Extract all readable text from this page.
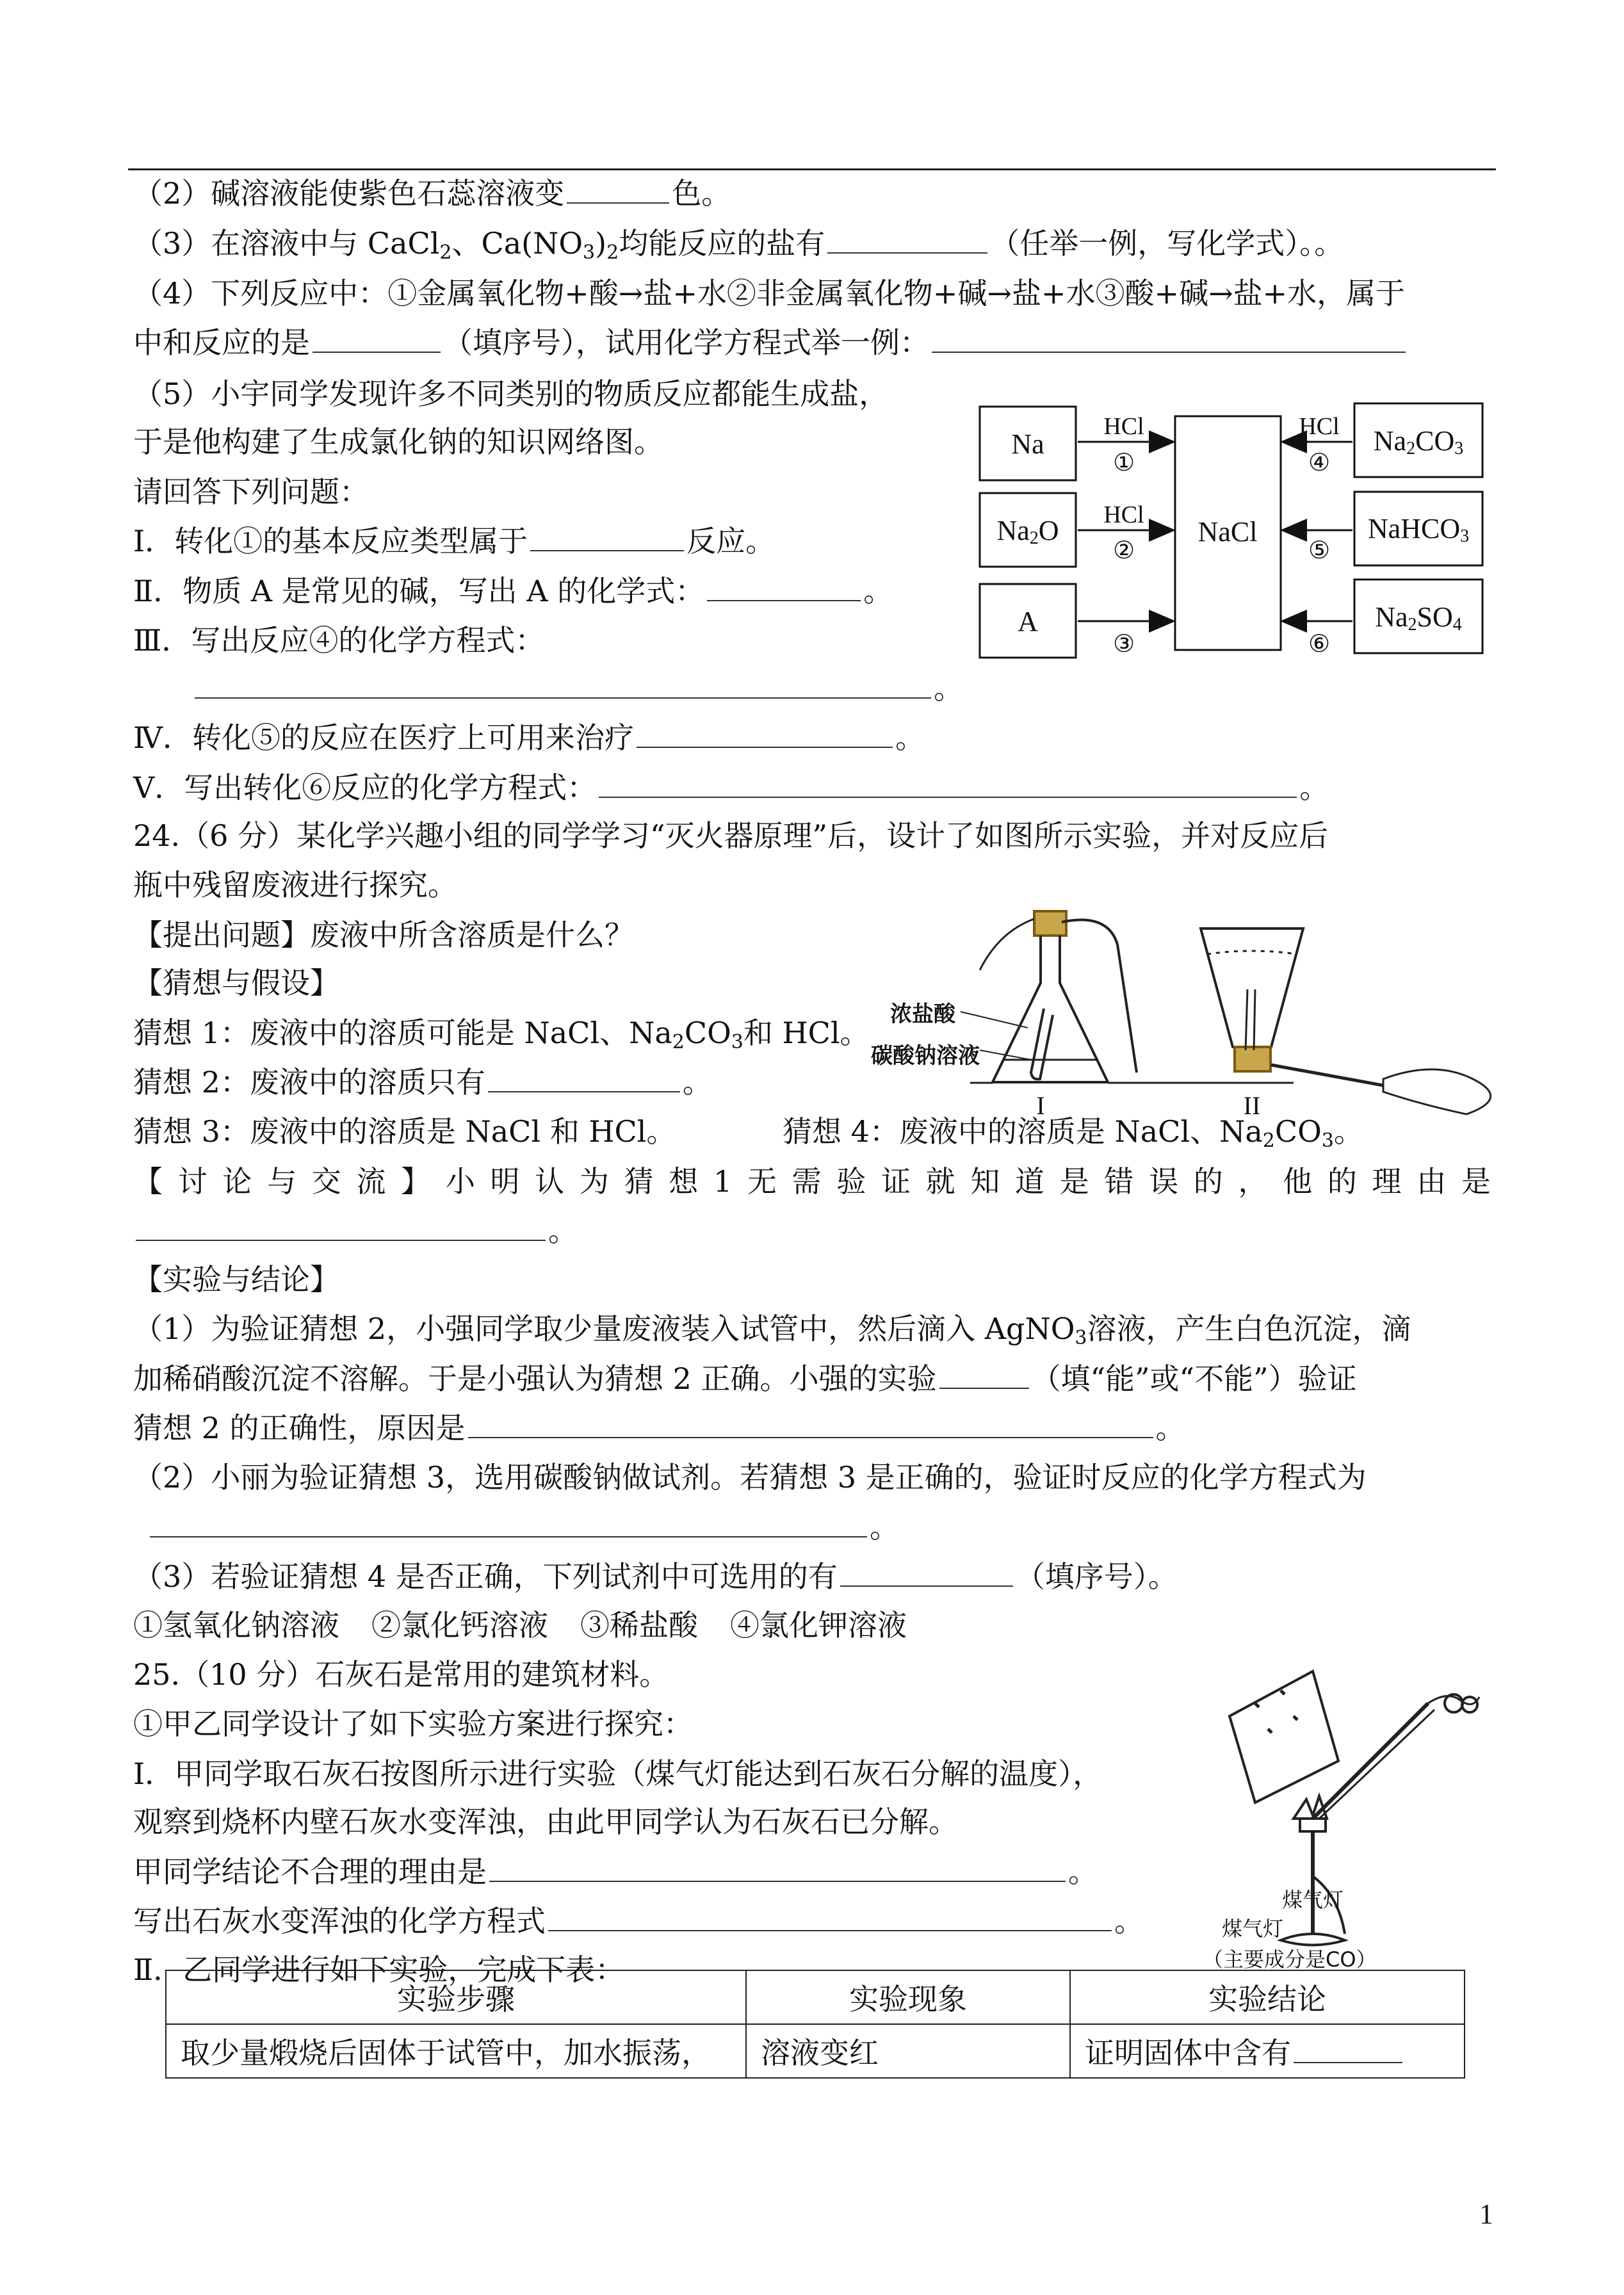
（2）碱溶液能使紫色石蕊溶液变	色。
（3）在溶液中与 CaCl$_2$、$Ca(NO_3)_2$均能反应的盐有	（任举一例，写化学式）。。
（4）下列反应中：①金属氧化物+酸→盐+水②非金属氧化物+碱→盐+水③酸+碱→盐+水，属于
中和反应的是	（填序号），试用化学方程式举一例：
（5）小宇同学发现许多不同类别的物质反应都能生成盐，
于是他构建了生成氯化钠的知识网络图。
请回答下列问题：
Ⅰ．转化①的基本反应类型属于	反应。
Ⅱ．物质 A 是常见的碱，写出 A 的化学式：	。
Ⅲ．写出反应④的化学方程式：
。
Ⅳ．转化⑤的反应在医疗上可用来治疗	。
Ⅴ．写出转化⑥反应的化学方程式：	。
Na
Na2O
A
NaCl
Na2CO3
NaHCO3
Na2SO4
HCl
HCl
HCl
①
②
③
④
⑤
⑥
24.（6 分）某化学兴趣小组的同学学习“灭火器原理”后，设计了如图所示实验，并对反应后
瓶中残留废液进行探究。
【提出问题】废液中所含溶质是什么？
【猜想与假设】
猜想 1：废液中的溶质可能是 NaCl、$Na_2CO_3$和 HCl。
猜想 2：废液中的溶质只有	。
猜想 3：废液中的溶质是 NaCl 和 HCl。	猜想 4：废液中的溶质是 NaCl、$Na_2CO_3$。
【 讨 论 与 交 流 】 小 明 认 为 猜 想 1 无 需 验 证 就 知 道 是 错 误 的 ， 他 的 理 由 是
。
【实验与结论】
（1）为验证猜想 2，小强同学取少量废液装入试管中，然后滴入 AgNO$_3$溶液，产生白色沉淀，滴
加稀硝酸沉淀不溶解。于是小强认为猜想 2 正确。小强的实验	（填“能”或“不能”）验证
猜想 2 的正确性，原因是	。
（2）小丽为验证猜想 3，选用碳酸钠做试剂。若猜想 3 是正确的，验证时反应的化学方程式为
。
（3）若验证猜想 4 是否正确，下列试剂中可选用的有	（填序号）。
①氢氧化钠溶液 ②氯化钙溶液 ③稀盐酸 ④氯化钾溶液
浓盐酸
碳酸钠溶液
I	II
25.（10 分）石灰石是常用的建筑材料。
①甲乙同学设计了如下实验方案进行探究：
Ⅰ．甲同学取石灰石按图所示进行实验（煤气灯能达到石灰石分解的温度），
观察到烧杯内壁石灰水变浑浊，由此甲同学认为石灰石已分解。
甲同学结论不合理的理由是	。
写出石灰水变浑浊的化学方程式	。
Ⅱ．乙同学进行如下实验，完成下表：
煤气灯
煤气灯
（主要成分是CO）
实验步骤	实验现象	实验结论
取少量煅烧后固体于试管中，加水振荡，	溶液变红	证明固体中含有
1
